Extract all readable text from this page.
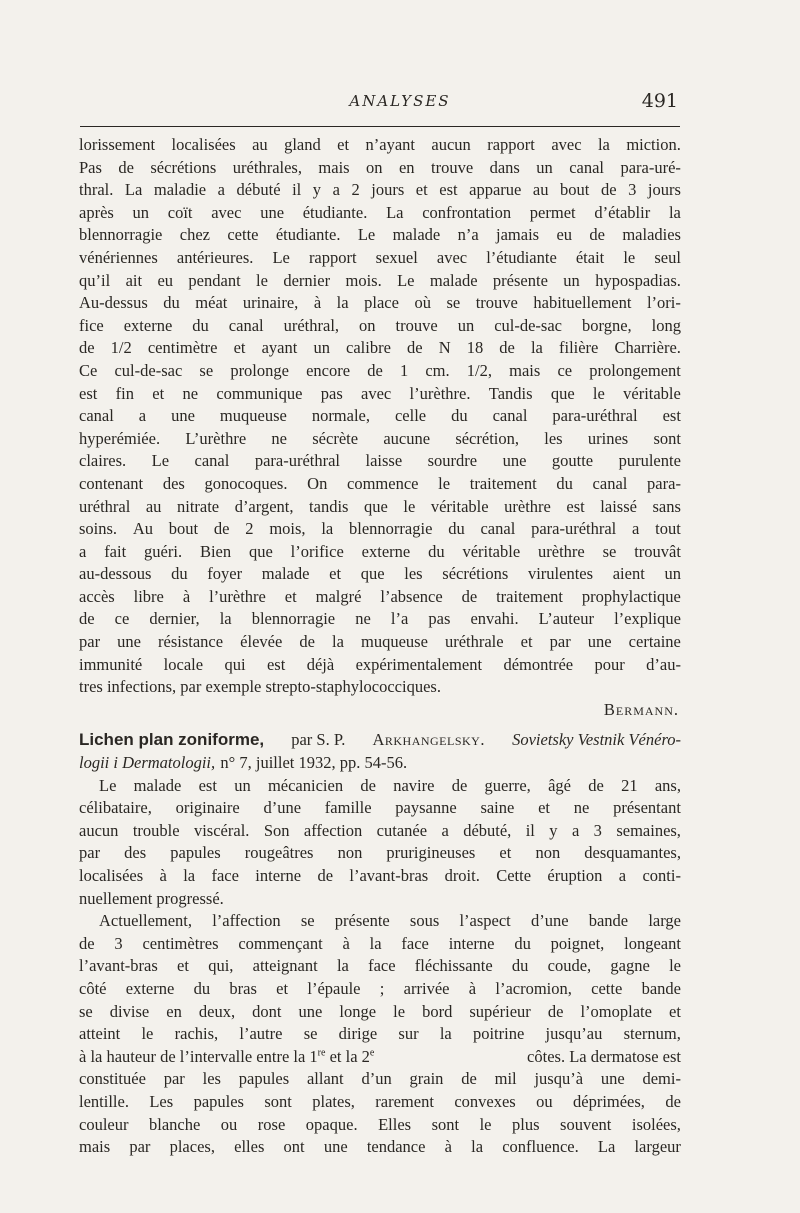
ANALYSES	491
lorissement localisées au gland et n’ayant aucun rapport avec la miction.
Pas de sécrétions uréthrales, mais on en trouve dans un canal para-uré-
thral. La maladie a débuté il y a 2 jours et est apparue au bout de 3 jours
après un coït avec une étudiante. La confrontation permet d’établir la
blennorragie chez cette étudiante. Le malade n’a jamais eu de maladies
vénériennes antérieures. Le rapport sexuel avec l’étudiante était le seul
qu’il ait eu pendant le dernier mois. Le malade présente un hypospadias.
Au-dessus du méat urinaire, à la place où se trouve habituellement l’ori-
fice externe du canal uréthral, on trouve un cul-de-sac borgne, long
de 1/2 centimètre et ayant un calibre de N 18 de la filière Charrière.
Ce cul-de-sac se prolonge encore de 1 cm. 1/2, mais ce prolongement
est fin et ne communique pas avec l’urèthre. Tandis que le véritable
canal a une muqueuse normale, celle du canal para-uréthral est
hyperémiée. L’urèthre ne sécrète aucune sécrétion, les urines sont
claires. Le canal para-uréthral laisse sourdre une goutte purulente
contenant des gonocoques. On commence le traitement du canal para-
uréthral au nitrate d’argent, tandis que le véritable urèthre est laissé sans
soins. Au bout de 2 mois, la blennorragie du canal para-uréthral a tout
a fait guéri. Bien que l’orifice externe du véritable urèthre se trouvât
au-dessous du foyer malade et que les sécrétions virulentes aient un
accès libre à l’urèthre et malgré l’absence de traitement prophylactique
de ce dernier, la blennorragie ne l’a pas envahi. L’auteur l’explique
par une résistance élevée de la muqueuse uréthrale et par une certaine
immunité locale qui est déjà expérimentalement démontrée pour d’au-
tres infections, par exemple strepto-staphylococciques.
Bermann.
Lichen plan zoniforme, par S. P. Arkhangelsky. Sovietsky Vestnik Vénéro-
logii i Dermatologii, n° 7, juillet 1932, pp. 54-56.
Le malade est un mécanicien de navire de guerre, âgé de 21 ans,
célibataire, originaire d’une famille paysanne saine et ne présentant
aucun trouble viscéral. Son affection cutanée a débuté, il y a 3 semaines,
par des papules rougeâtres non prurigineuses et non desquamantes,
localisées à la face interne de l’avant-bras droit. Cette éruption a conti-
nuellement progressé.
Actuellement, l’affection se présente sous l’aspect d’une bande large
de 3 centimètres commençant à la face interne du poignet, longeant
l’avant-bras et qui, atteignant la face fléchissante du coude, gagne le
côté externe du bras et l’épaule ; arrivée à l’acromion, cette bande
se divise en deux, dont une longe le bord supérieur de l’omoplate et
atteint le rachis, l’autre se dirige sur la poitrine jusqu’au sternum,
à la hauteur de l’intervalle entre la 1re et la 2e	côtes. La dermatose est
constituée par les papules allant d’un grain de mil jusqu’à une demi-
lentille. Les papules sont plates, rarement convexes ou déprimées, de
couleur blanche ou rose opaque. Elles sont le plus souvent isolées,
mais par places, elles ont une tendance à la confluence. La largeur
